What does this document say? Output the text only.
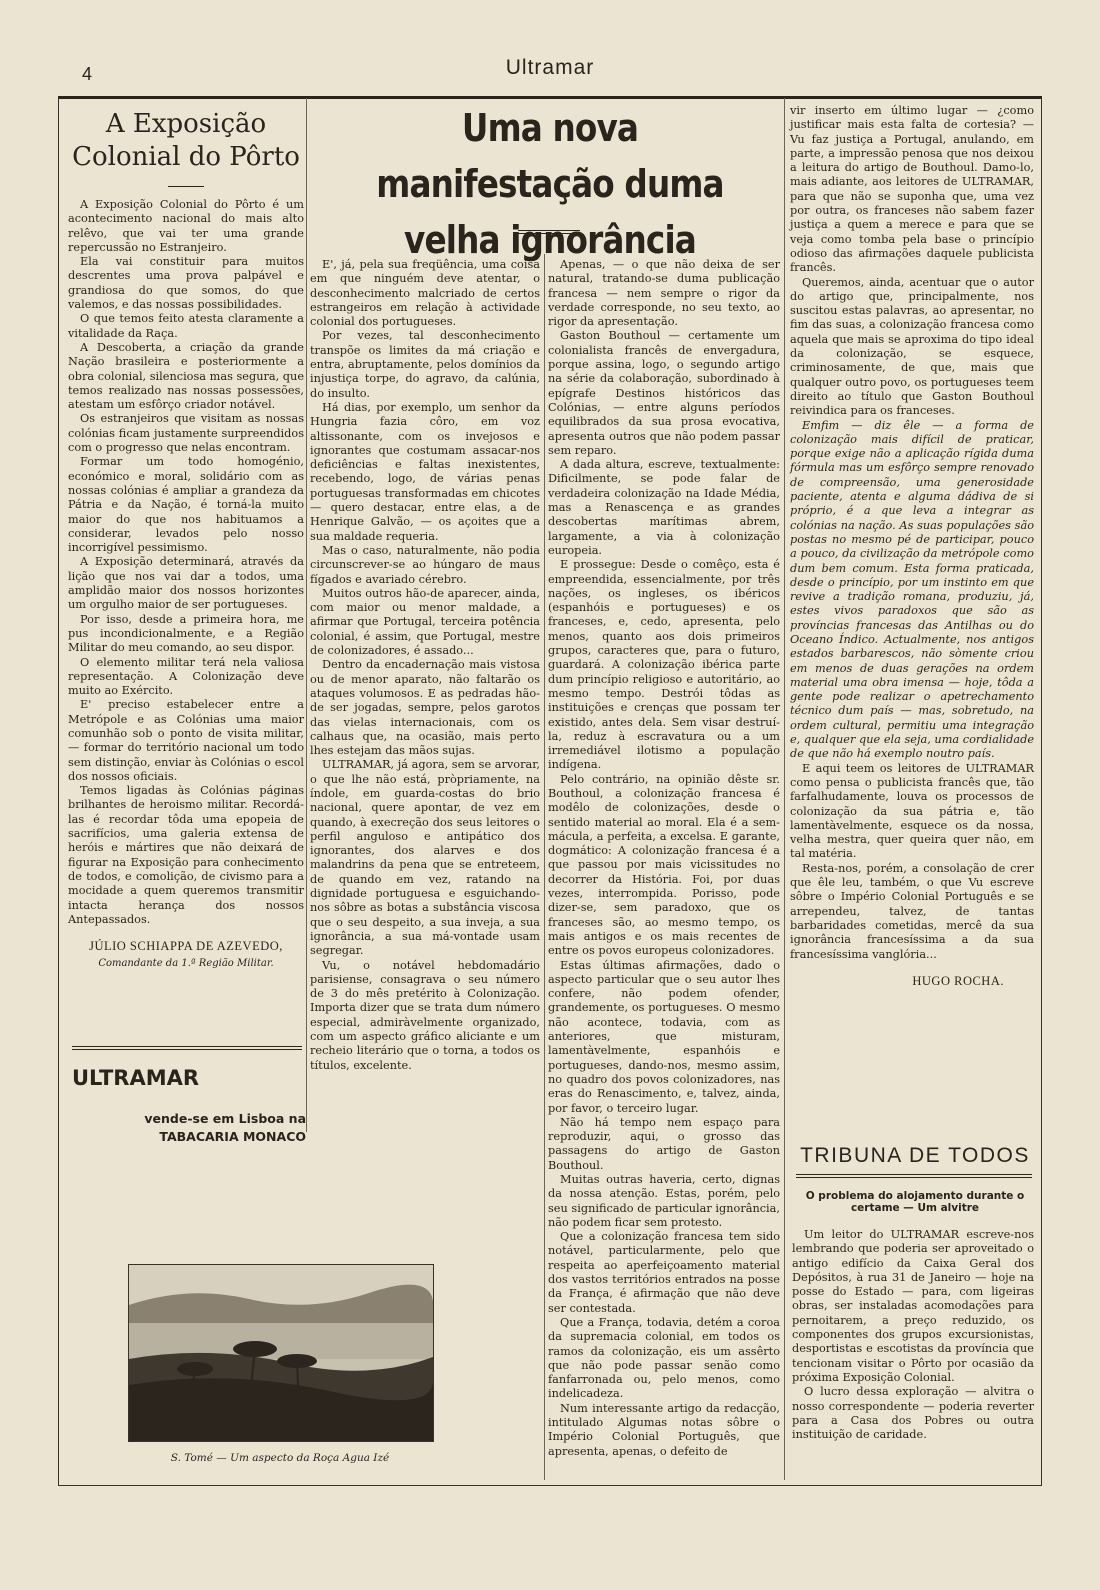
4	Ultramar
A Exposição Colonial do Pôrto

A Exposição Colonial do Pôrto é um acontecimento nacional do mais alto relêvo, que vai ter uma grande repercussão no Estranjeiro.

Ela vai constituir para muitos descrentes uma prova palpável e grandiosa do que somos, do que valemos, e das nossas possibilidades.

O que temos feito atesta claramente a vitalidade da Raça.

A Descoberta, a criação da grande Nação brasileira e posteriormente a obra colonial, silenciosa mas segura, que temos realizado nas nossas possessões, atestam um esfôrço criador notável.

Os estranjeiros que visitam as nossas colónias ficam justamente surpreendidos com o progresso que nelas encontram.

Formar um todo homogénio, económico e moral, solidário com as nossas colónias é ampliar a grandeza da Pátria e da Nação, é torná-la muito maior do que nos habituamos a considerar, levados pelo nosso incorrigível pessimismo.

A Exposição determinará, através da lição que nos vai dar a todos, uma amplidão maior dos nossos horizontes um orgulho maior de ser portugueses.

Por isso, desde a primeira hora, me pus incondicionalmente, e a Região Militar do meu comando, ao seu dispor.

O elemento militar terá nela valiosa representação. A Colonização deve muito ao Exército.

E' preciso estabelecer entre a Metrópole e as Colónias uma maior comunhão sob o ponto de visita militar, — formar do território nacional um todo sem distinção, enviar às Colónias o escol dos nossos oficiais.

Temos ligadas às Colónias páginas brilhantes de heroismo militar. Recordá-las é recordar tôda uma epopeia de sacrifícios, uma galeria extensa de heróis e mártires que não deixará de figurar na Exposição para conhecimento de todos, e comolição, de civismo para a mocidade a quem queremos transmitir intacta herança dos nossos Antepassados.

JÚLIO SCHIAPPA DE AZEVEDO,
Comandante da 1.ª Região Militar.
ULTRAMAR
vende-se em Lisboa na
TABACARIA MONACO
Uma nova manifestação duma velha ignorância

E', já, pela sua freqüência, uma coisa em que ninguém deve atentar, o desconhecimento malcriado de certos estrangeiros em relação à actividade colonial dos portugueses.

Por vezes, tal desconhecimento transpõe os limites da má criação e entra, abruptamente, pelos domínios da injustiça torpe, do agravo, da calúnia, do insulto.

Há dias, por exemplo, um senhor da Hungria fazia côro, em voz altissonante, com os invejosos e ignorantes que costumam assacar-nos deficiências e faltas inexistentes, recebendo, logo, de várias penas portuguesas transformadas em chicotes — quero destacar, entre elas, a de Henrique Galvão, — os açoites que a sua maldade requeria.

Mas o caso, naturalmente, não podia circunscrever-se ao húngaro de maus fígados e avariado cérebro.

Muitos outros hão-de aparecer, ainda, com maior ou menor maldade, a afirmar que Portugal, terceira potência colonial, é assim, que Portugal, mestre de colonizadores, é assado...

Dentro da encadernação mais vistosa ou de menor aparato, não faltarão os ataques volumosos. E as pedradas hão-de ser jogadas, sempre, pelos garotos das vielas internacionais, com os calhaus que, na ocasião, mais perto lhes estejam das mãos sujas.

ULTRAMAR, já agora, sem se arvorar, o que lhe não está, pròpriamente, na índole, em guarda-costas do brio nacional, quere apontar, de vez em quando, à execreção dos seus leitores o perfil anguloso e antipático dos ignorantes, dos alarves e dos malandrins da pena que se entreteem, de quando em vez, ratando na dignidade portuguesa e esguichando-nos sôbre as botas a substância viscosa que o seu despeito, a sua inveja, a sua ignorância, a sua má-vontade usam segregar.

Vu, o notável hebdomadário parisiense, consagrava o seu número de 3 do mês pretérito à Colonização. Importa dizer que se trata dum número especial, admiràvelmente organizado, com um aspecto gráfico aliciante e um recheio literário que o torna, a todos os títulos, excelente.

Apenas, — o que não deixa de ser natural, tratando-se duma publicação francesa — nem sempre o rigor da verdade corresponde, no seu texto, ao rigor da apresentação.

Gaston Bouthoul — certamente um colonialista francês de envergadura, porque assina, logo, o segundo artigo na série da colaboração, subordinado à epígrafe Destinos históricos das Colónias, — entre alguns períodos equilibrados da sua prosa evocativa, apresenta outros que não podem passar sem reparo.

A dada altura, escreve, textualmente: Dificilmente, se pode falar de verdadeira colonização na Idade Média, mas a Renascença e as grandes descobertas marítimas abrem, largamente, a via à colonização europeia.

E prossegue: Desde o comêço, esta é empreendida, essencialmente, por três nações, os ingleses, os ibéricos (espanhóis e portugueses) e os franceses, e, cedo, apresenta, pelo menos, quanto aos dois primeiros grupos, caracteres que, para o futuro, guardará. A colonização ibérica parte dum princípio religioso e autoritário, ao mesmo tempo. Destrói tôdas as instituições e crenças que possam ter existido, antes dela. Sem visar destruí-la, reduz à escravatura ou a um irremediável ilotismo a população indígena.

Pelo contrário, na opinião dêste sr. Bouthoul, a colonização francesa é modêlo de colonizações, desde o sentido material ao moral. Ela é a sem-mácula, a perfeita, a excelsa. E garante, dogmático: A colonização francesa é a que passou por mais vicissitudes no decorrer da História. Foi, por duas vezes, interrompida. Porisso, pode dizer-se, sem paradoxo, que os franceses são, ao mesmo tempo, os mais antigos e os mais recentes de entre os povos europeus colonizadores.

Estas últimas afirmações, dado o aspecto particular que o seu autor lhes confere, não podem ofender, grandemente, os portugueses. O mesmo não acontece, todavia, com as anteriores, que misturam, lamentàvelmente, espanhóis e portugueses, dando-nos, mesmo assim, no quadro dos povos colonizadores, nas eras do Renascimento, e, talvez, ainda, por favor, o terceiro lugar.

Não há tempo nem espaço para reproduzir, aqui, o grosso das passagens do artigo de Gaston Bouthoul.

Muitas outras haveria, certo, dignas da nossa atenção. Estas, porém, pelo seu significado de particular ignorância, não podem ficar sem protesto.

Que a colonização francesa tem sido notável, particularmente, pelo que respeita ao aperfeiçoamento material dos vastos territórios entrados na posse da França, é afirmação que não deve ser contestada.

Que a França, todavia, detém a coroa da supremacia colonial, em todos os ramos da colonização, eis um assêrto que não pode passar senão como fanfarronada ou, pelo menos, como indelicadeza.

Num interessante artigo da redacção, intitulado Algumas notas sôbre o Império Colonial Português, que apresenta, apenas, o defeito de

vir inserto em último lugar — ¿como justificar mais esta falta de cortesia? — Vu faz justiça a Portugal, anulando, em parte, a impressão penosa que nos deixou a leitura do artigo de Bouthoul. Damo-lo, mais adiante, aos leitores de ULTRAMAR, para que não se suponha que, uma vez por outra, os franceses não sabem fazer justiça a quem a merece e para que se veja como tomba pela base o princípio odioso das afirmações daquele publicista francês.

Queremos, ainda, acentuar que o autor do artigo que, principalmente, nos suscitou estas palavras, ao apresentar, no fim das suas, a colonização francesa como aquela que mais se aproxima do tipo ideal da colonização, se esquece, criminosamente, de que, mais que qualquer outro povo, os portugueses teem direito ao título que Gaston Bouthoul reivindica para os franceses.

Emfim — diz êle — a forma de colonização mais difícil de praticar, porque exige não a aplicação rígida duma fórmula mas um esfôrço sempre renovado de compreensão, uma generosidade paciente, atenta e alguma dádiva de si próprio, é a que leva a integrar as colónias na nação. As suas populações são postas no mesmo pé de participar, pouco a pouco, da civilização da metrópole como dum bem comum. Esta forma praticada, desde o princípio, por um instinto em que revive a tradição romana, produziu, já, estes vivos paradoxos que são as províncias francesas das Antilhas ou do Oceano Índico. Actualmente, nos antigos estados barbarescos, não sòmente criou em menos de duas gerações na ordem material uma obra imensa — hoje, tôda a gente pode realizar o apetrechamento técnico dum país — mas, sobretudo, na ordem cultural, permitiu uma integração e, qualquer que ela seja, uma cordialidade de que não há exemplo noutro país.

E aqui teem os leitores de ULTRAMAR como pensa o publicista francês que, tão farfalhudamente, louva os processos de colonização da sua pátria e, tão lamentàvelmente, esquece os da nossa, velha mestra, quer queira quer não, em tal matéria.

Resta-nos, porém, a consolação de crer que êle leu, também, o que Vu escreve sôbre o Império Colonial Português e se arrependeu, talvez, de tantas barbaridades cometidas, mercê da sua ignorância francesíssima a da sua francesíssima vanglória...

HUGO ROCHA.
S. Tomé — Um aspecto da Roça Agua Izé
TRIBUNA DE TODOS
O problema do alojamento durante o certame — Um alvitre

Um leitor do ULTRAMAR escreve-nos lembrando que poderia ser aproveitado o antigo edifício da Caixa Geral dos Depósitos, à rua 31 de Janeiro — hoje na posse do Estado — para, com ligeiras obras, ser instaladas acomodações para pernoitarem, a preço reduzido, os componentes dos grupos excursionistas, desportistas e escotistas da província que tencionam visitar o Pôrto por ocasião da próxima Exposição Colonial.

O lucro dessa exploração — alvitra o nosso correspondente — poderia reverter para a Casa dos Pobres ou outra instituição de caridade.
